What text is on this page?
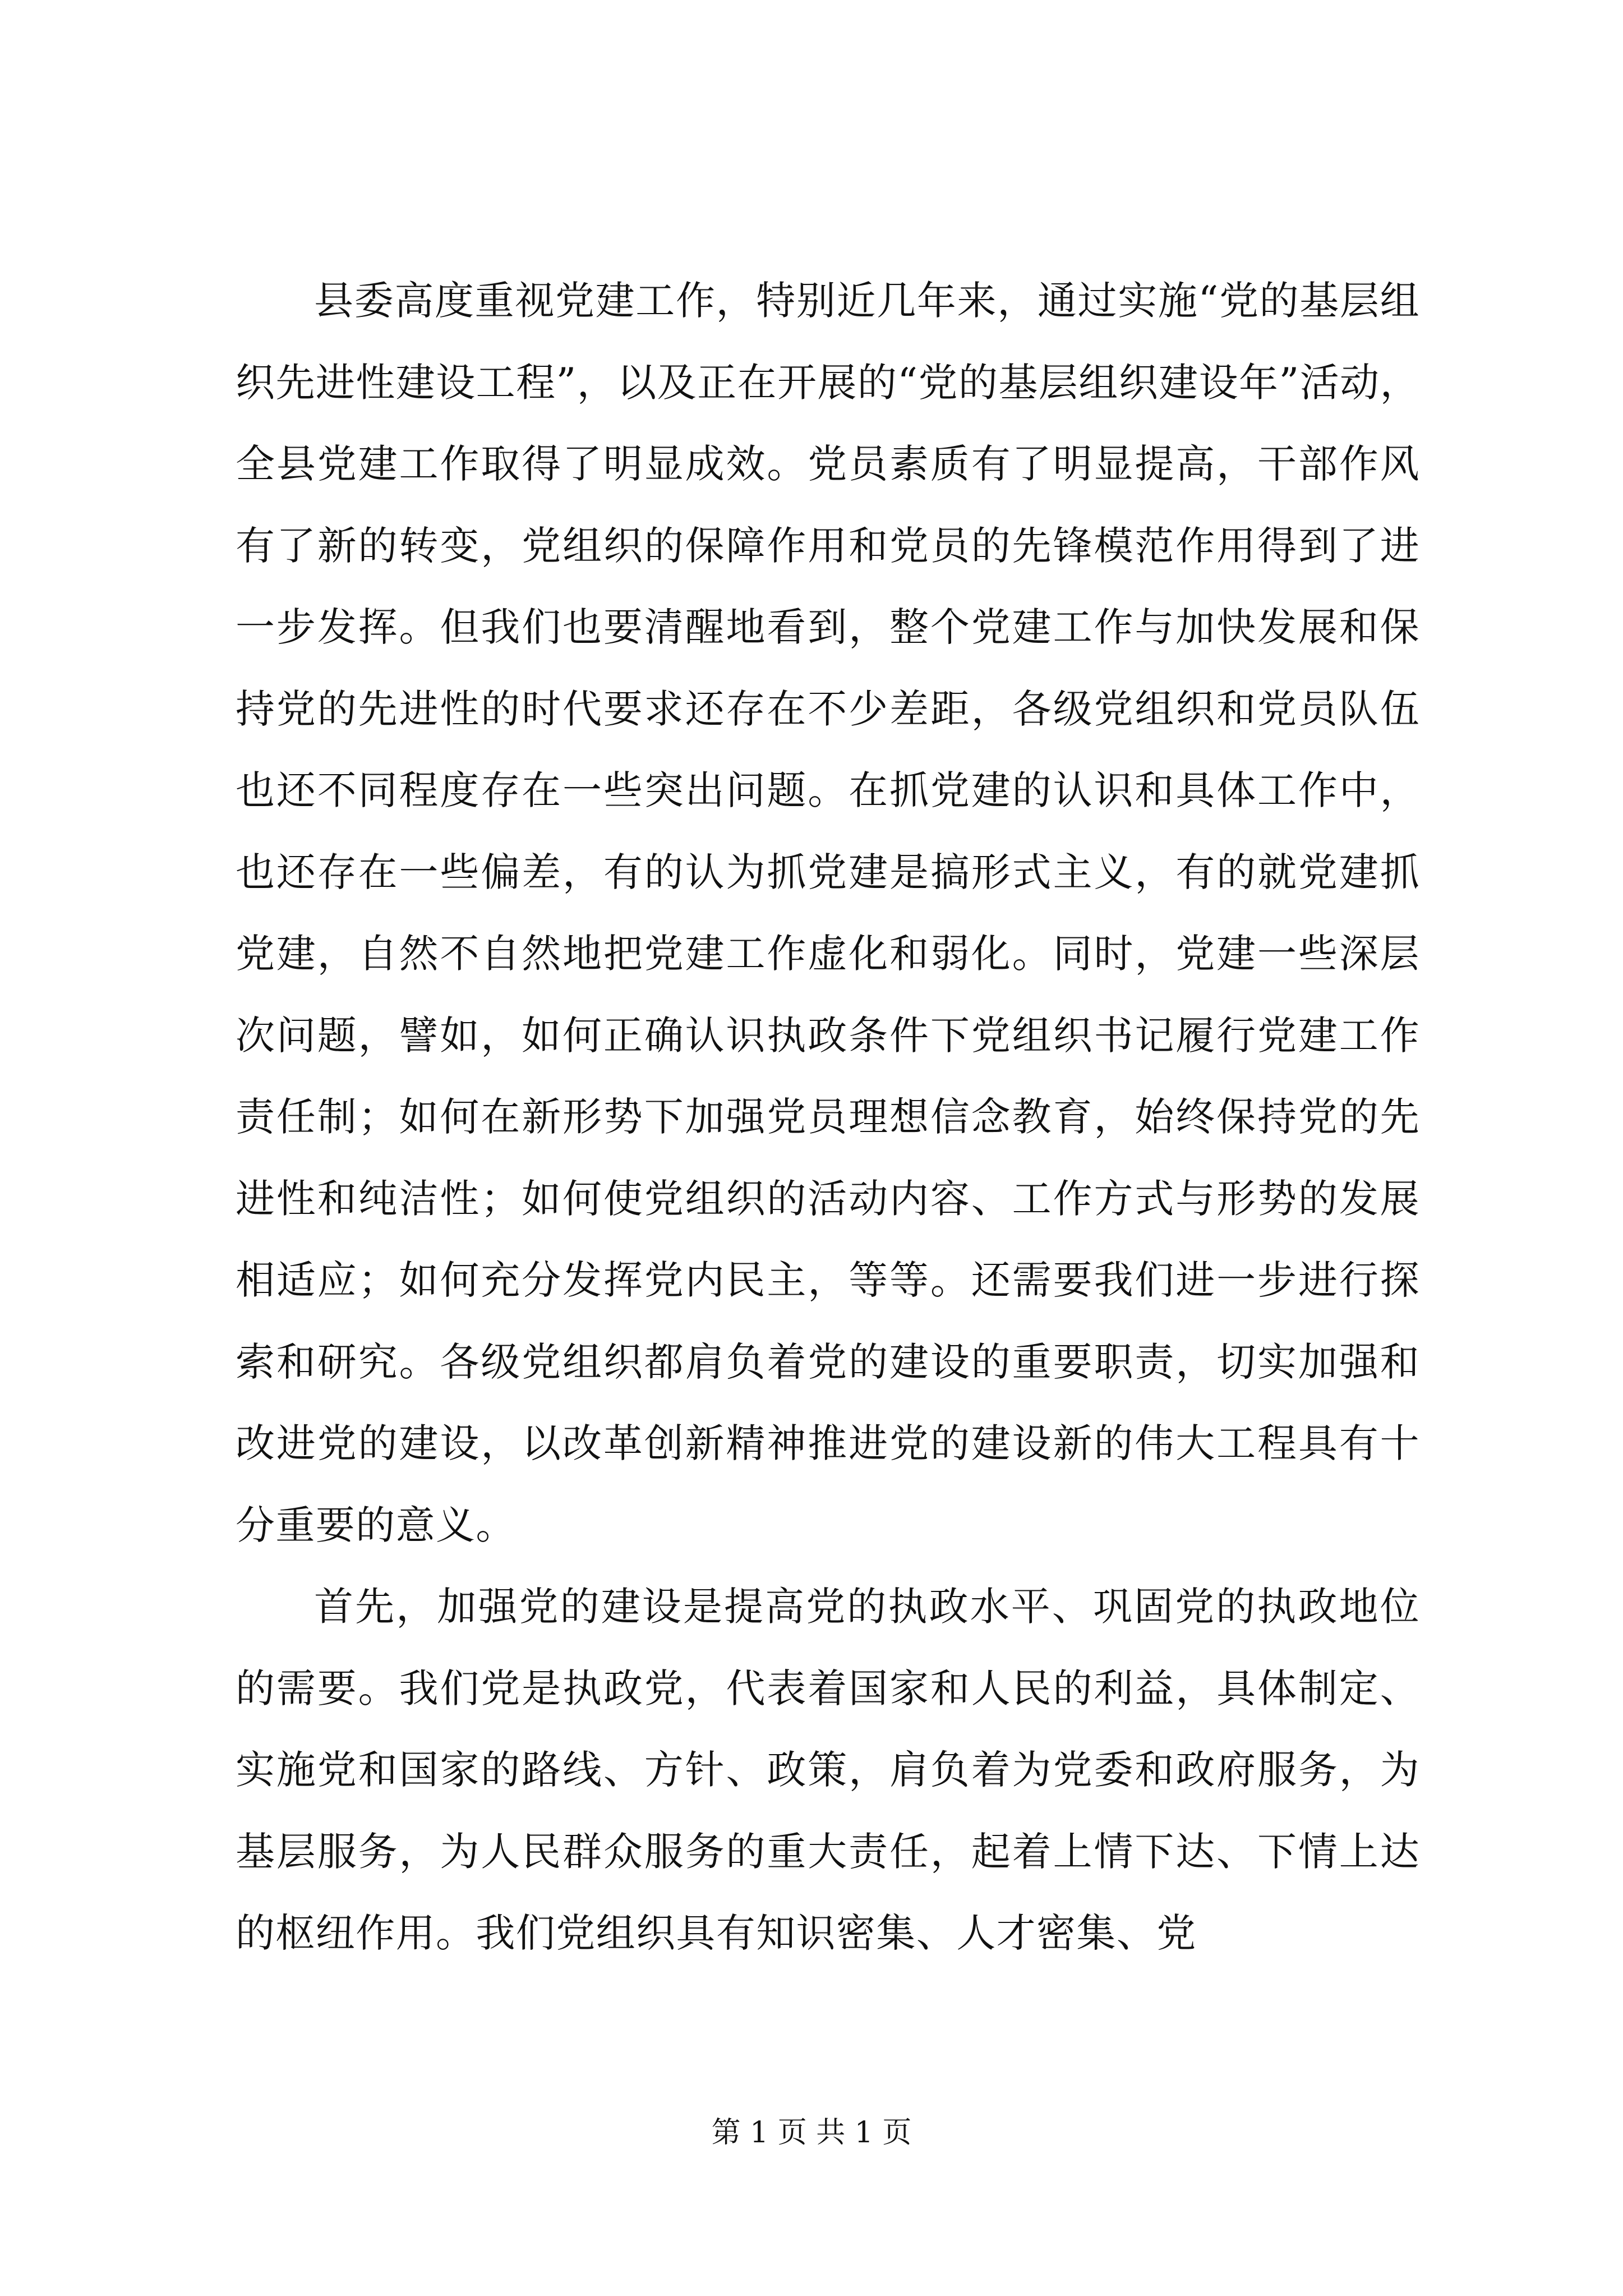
县委高度重视党建工作，特别近几年来，通过实施“党的基层组织先进性建设工程”，以及正在开展的“党的基层组织建设年”活动，全县党建工作取得了明显成效。党员素质有了明显提高，干部作风有了新的转变，党组织的保障作用和党员的先锋模范作用得到了进一步发挥。但我们也要清醒地看到，整个党建工作与加快发展和保持党的先进性的时代要求还存在不少差距，各级党组织和党员队伍也还不同程度存在一些突出问题。在抓党建的认识和具体工作中，也还存在一些偏差，有的认为抓党建是搞形式主义，有的就党建抓党建，自然不自然地把党建工作虚化和弱化。同时，党建一些深层次问题，譬如，如何正确认识执政条件下党组织书记履行党建工作责任制；如何在新形势下加强党员理想信念教育，始终保持党的先进性和纯洁性；如何使党组织的活动内容、工作方式与形势的发展相适应；如何充分发挥党内民主，等等。还需要我们进一步进行探索和研究。各级党组织都肩负着党的建设的重要职责，切实加强和改进党的建设，以改革创新精神推进党的建设新的伟大工程具有十分重要的意义。

首先，加强党的建设是提高党的执政水平、巩固党的执政地位的需要。我们党是执政党，代表着国家和人民的利益，具体制定、实施党和国家的路线、方针、政策，肩负着为党委和政府服务，为基层服务，为人民群众服务的重大责任，起着上情下达、下情上达的枢纽作用。我们党组织具有知识密集、人才密集、党

第 1 页 共 1 页
